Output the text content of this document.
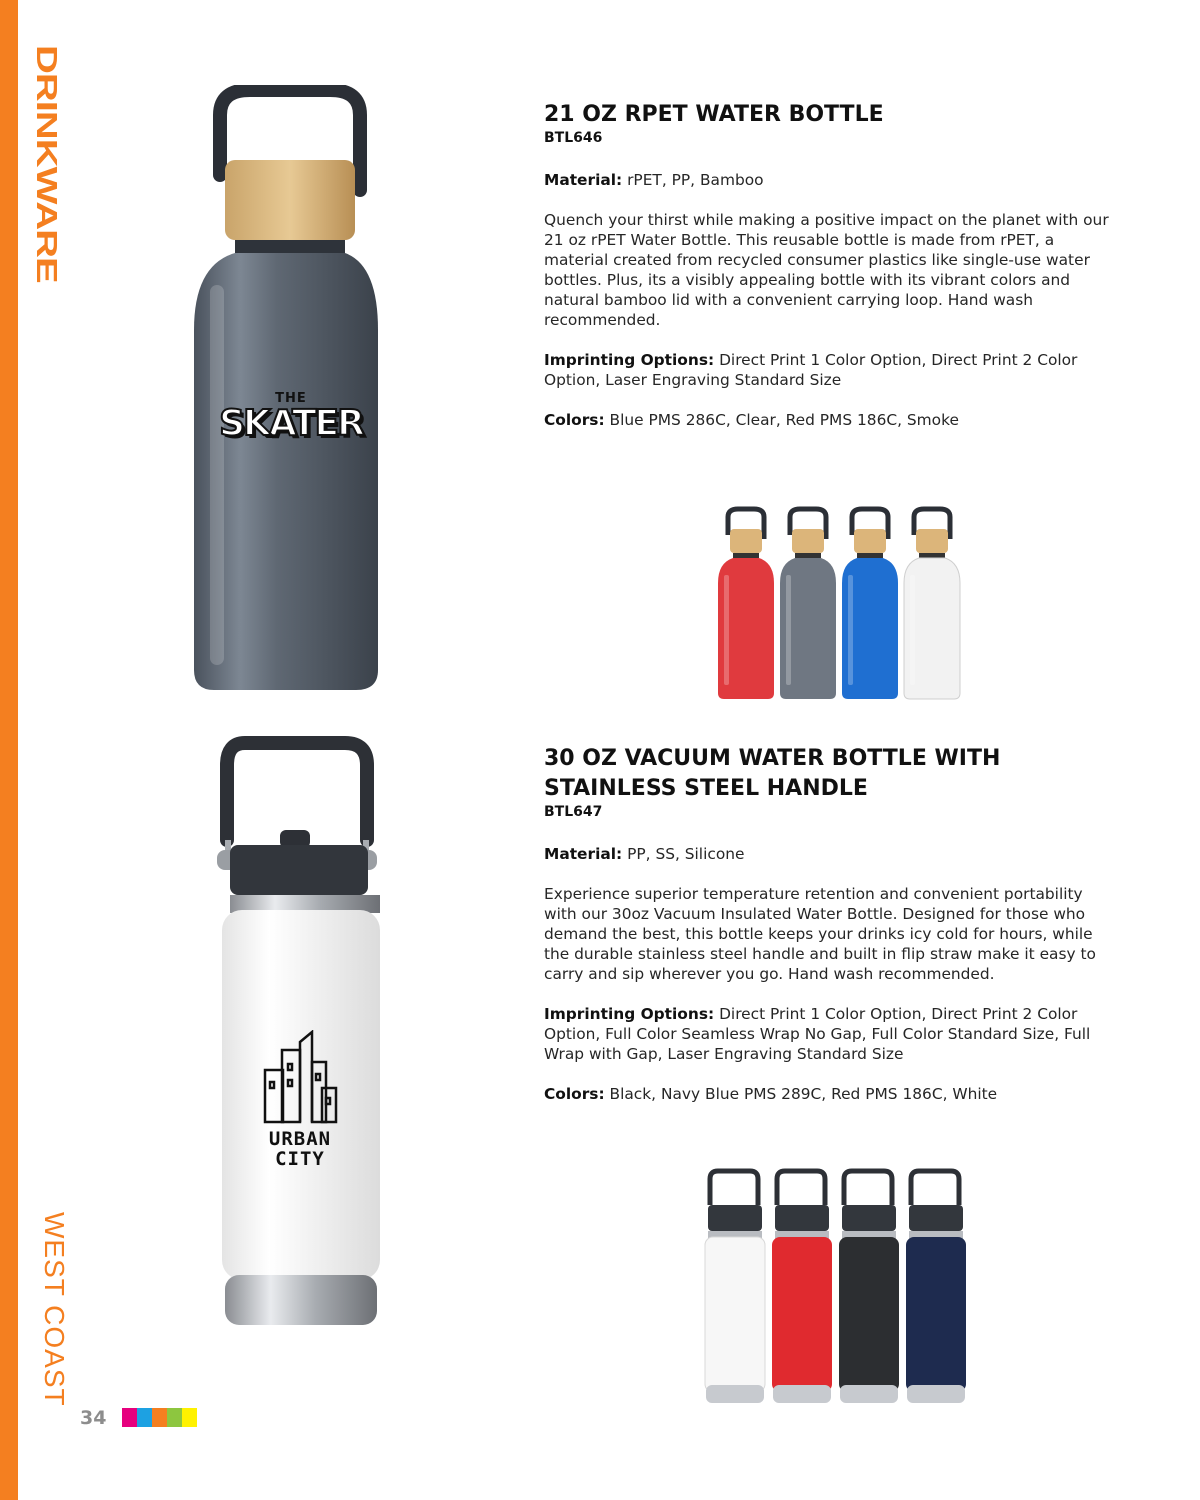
DRINKWARE
WEST COAST
34
THE
SKATER
21 OZ RPET WATER BOTTLE
BTL646

Material: rPET, PP, Bamboo

Quench your thirst while making a positive impact on the planet with our 21 oz rPET Water Bottle. This reusable bottle is made from rPET, a material created from recycled consumer plastics like single-use water bottles. Plus, its a visibly appealing bottle with its vibrant colors and natural bamboo lid with a convenient carrying loop. Hand wash recommended.

Imprinting Options: Direct Print 1 Color Option, Direct Print 2 Color Option, Laser Engraving Standard Size

Colors: Blue PMS 286C, Clear, Red PMS 186C, Smoke

URBAN
CITY
30 OZ VACUUM WATER BOTTLE WITH STAINLESS STEEL HANDLE
BTL647

Material: PP, SS, Silicone

Experience superior temperature retention and convenient portability with our 30oz Vacuum Insulated Water Bottle. Designed for those who demand the best, this bottle keeps your drinks icy cold for hours, while the durable stainless steel handle and built in flip straw make it easy to carry and sip wherever you go. Hand wash recommended.

Imprinting Options: Direct Print 1 Color Option, Direct Print 2 Color Option, Full Color Seamless Wrap No Gap, Full Color Standard Size, Full Wrap with Gap, Laser Engraving Standard Size

Colors: Black, Navy Blue PMS 289C, Red PMS 186C, White
